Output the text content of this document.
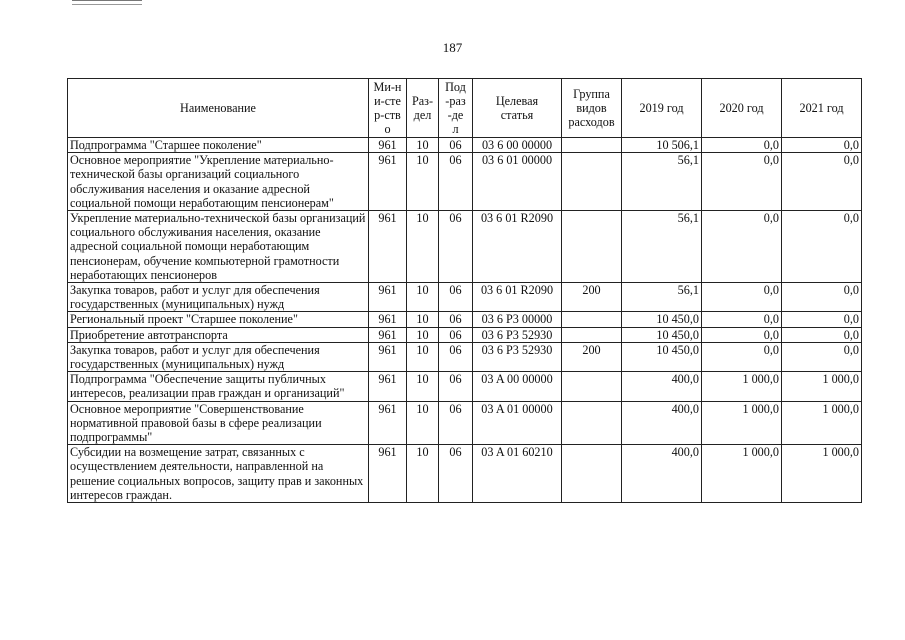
187
Наименование	Ми-ни-стер-ство	Раз-дел	Под-раз-дел	Целевая статья	Группа видов расходов	2019 год	2020 год	2021 год
Подпрограмма "Старшее поколение"	961	10	06	03 6 00 00000		10 506,1	0,0	0,0
Основное мероприятие "Укрепление материально-технической базы организаций социального обслуживания населения и оказание адресной социальной помощи неработающим пенсионерам"	961	10	06	03 6 01 00000		56,1	0,0	0,0
Укрепление материально-технической базы организаций социального обслуживания населения, оказание адресной социальной помощи неработающим пенсионерам, обучение компьютерной грамотности неработающих пенсионеров	961	10	06	03 6 01 R2090		56,1	0,0	0,0
Закупка товаров, работ и услуг для обеспечения государственных (муниципальных) нужд	961	10	06	03 6 01 R2090	200	56,1	0,0	0,0
Региональный проект "Старшее поколение"	961	10	06	03 6 P3 00000		10 450,0	0,0	0,0
Приобретение автотранспорта	961	10	06	03 6 P3 52930		10 450,0	0,0	0,0
Закупка товаров, работ и услуг для обеспечения государственных (муниципальных) нужд	961	10	06	03 6 P3 52930	200	10 450,0	0,0	0,0
Подпрограмма "Обеспечение защиты публичных интересов, реализации прав граждан и организаций"	961	10	06	03 A 00 00000		400,0	1 000,0	1 000,0
Основное мероприятие "Совершенствование нормативной правовой базы в сфере реализации подпрограммы"	961	10	06	03 A 01 00000		400,0	1 000,0	1 000,0
Субсидии на возмещение затрат, связанных с осуществлением деятельности, направленной на решение социальных вопросов, защиту прав и законных интересов граждан.	961	10	06	03 A 01 60210		400,0	1 000,0	1 000,0
